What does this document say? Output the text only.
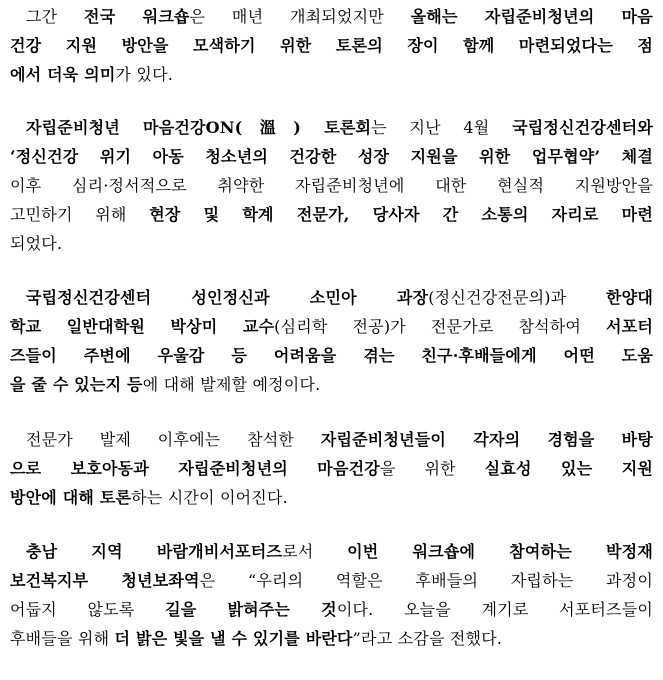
그간 전국 워크숍은 매년 개최되었지만 올해는 자립준비청년의 마음
건강 지원 방안을 모색하기 위한 토론의 장이 함께 마련되었다는 점
에서 더욱 의미가 있다.
자립준비청년 마음건강ON(溫) 토론회는 지난 4월 국립정신건강센터와
‘정신건강 위기 아동 청소년의 건강한 성장 지원을 위한 업무협약’ 체결
이후 심리·정서적으로 취약한 자립준비청년에 대한 현실적 지원방안을
고민하기 위해 현장 및 학계 전문가, 당사자 간 소통의 자리로 마련
되었다.
국립정신건강센터 성인정신과 소민아 과장(정신건강전문의)과 한양대
학교 일반대학원 박상미 교수(심리학 전공)가 전문가로 참석하여 서포터
즈들이 주변에 우울감 등 어려움을 겪는 친구·후배들에게 어떤 도움
을 줄 수 있는지 등에 대해 발제할 예정이다.
전문가 발제 이후에는 참석한 자립준비청년들이 각자의 경험을 바탕
으로 보호아동과 자립준비청년의 마음건강을 위한 실효성 있는 지원
방안에 대해 토론하는 시간이 이어진다.
충남 지역 바람개비서포터즈로서 이번 워크숍에 참여하는 박정재
보건복지부 청년보좌역은 “우리의 역할은 후배들의 자립하는 과정이
어둡지 않도록 길을 밝혀주는 것이다. 오늘을 계기로 서포터즈들이
후배들을 위해 더 밝은 빛을 낼 수 있기를 바란다”라고 소감을 전했다.
